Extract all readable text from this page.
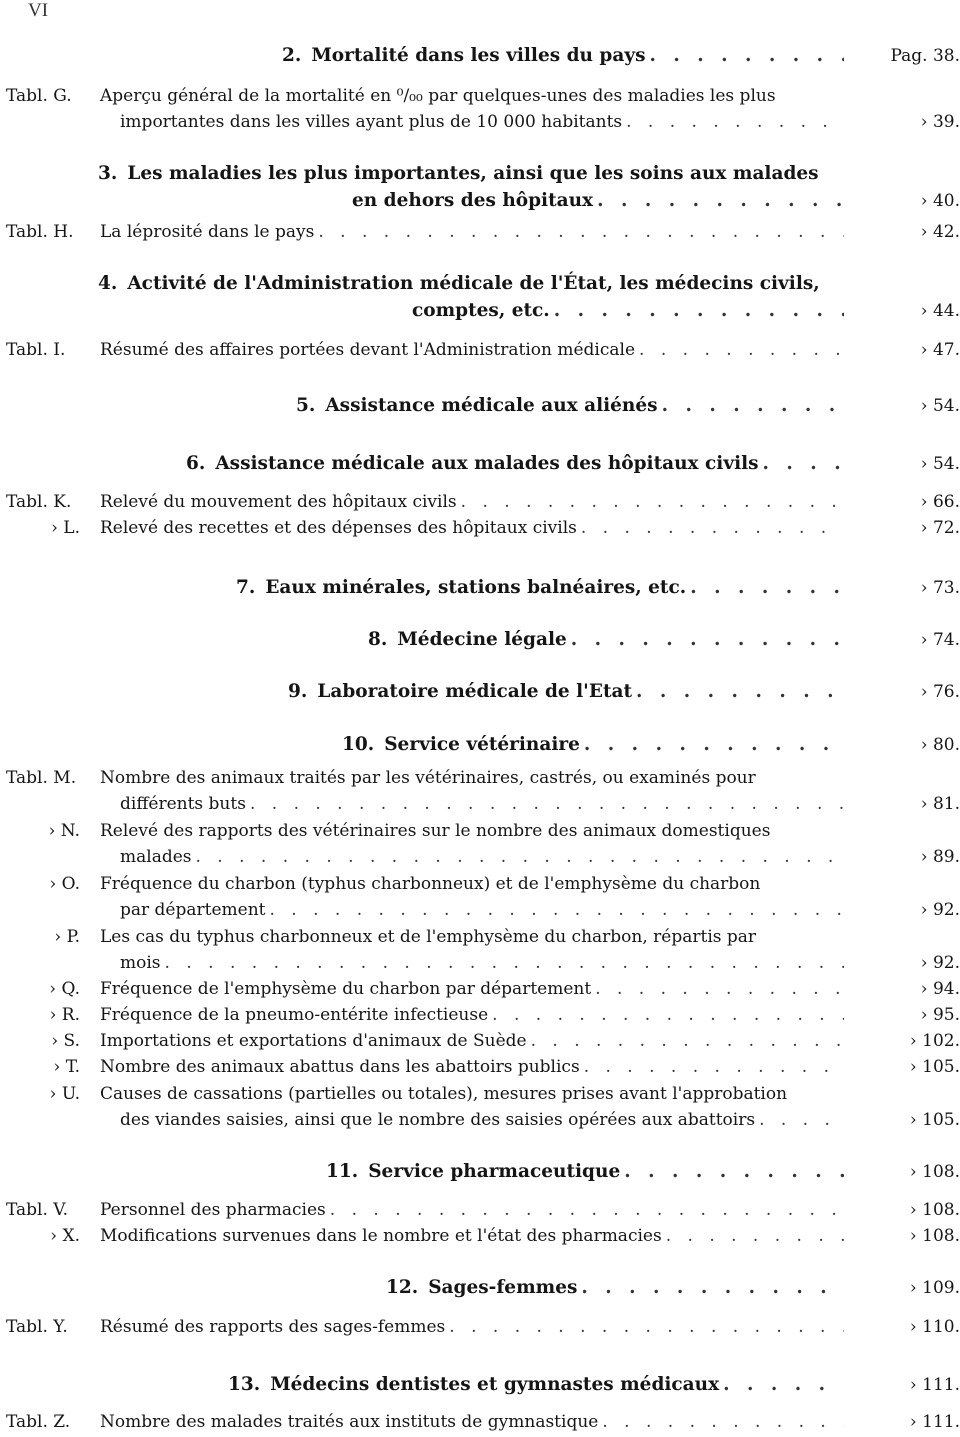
VI
2. Mortalité dans les villes du pays . . .	Pag. 38.
Tabl. G. Aperçu général de la mortalité en ⁰/₀₀ par quelques-unes des maladies les plus
importantes dans les villes ayant plus de 10 000 habitants . . .	› 39.
3. Les maladies les plus importantes, ainsi que les soins aux malades
en dehors des hôpitaux . . .	› 40.
Tabl. H. La léprosité dans le pays . . .	› 42.
4. Activité de l'Administration médicale de l'État, les médecins civils,
comptes, etc. . . .	› 44.
Tabl. I. Résumé des affaires portées devant l'Administration médicale . . .	› 47.
5. Assistance médicale aux aliénés . . .	› 54.
6. Assistance médicale aux malades des hôpitaux civils . . .	› 54.
Tabl. K. Relevé du mouvement des hôpitaux civils . . .	› 66.
› L. Relevé des recettes et des dépenses des hôpitaux civils . . .	› 72.
7. Eaux minérales, stations balnéaires, etc. . . .	› 73.
8. Médecine légale . . .	› 74.
9. Laboratoire médicale de l'Etat . . .	› 76.
10. Service vétérinaire . . .	› 80.
Tabl. M. Nombre des animaux traités par les vétérinaires, castrés, ou examinés pour
différents buts . . .	› 81.
› N. Relevé des rapports des vétérinaires sur le nombre des animaux domestiques
malades . . .	› 89.
› O. Fréquence du charbon (typhus charbonneux) et de l'emphysème du charbon
par département . . .	› 92.
› P. Les cas du typhus charbonneux et de l'emphysème du charbon, répartis par
mois . . .	› 92.
› Q. Fréquence de l'emphysème du charbon par département . . .	› 94.
› R. Fréquence de la pneumo-entérite infectieuse . . .	› 95.
› S. Importations et exportations d'animaux de Suède . . .	› 102.
› T. Nombre des animaux abattus dans les abattoirs publics . . .	› 105.
› U. Causes de cassations (partielles ou totales), mesures prises avant l'approbation
des viandes saisies, ainsi que le nombre des saisies opérées aux abattoirs . . .	› 105.
11. Service pharmaceutique . . .	› 108.
Tabl. V. Personnel des pharmacies . . .	› 108.
› X. Modifications survenues dans le nombre et l'état des pharmacies . . .	› 108.
12. Sages-femmes . . .	› 109.
Tabl. Y. Résumé des rapports des sages-femmes . . .	› 110.
13. Médecins dentistes et gymnastes médicaux . . .	› 111.
Tabl. Z. Nombre des malades traités aux instituts de gymnastique . . .	› 111.
